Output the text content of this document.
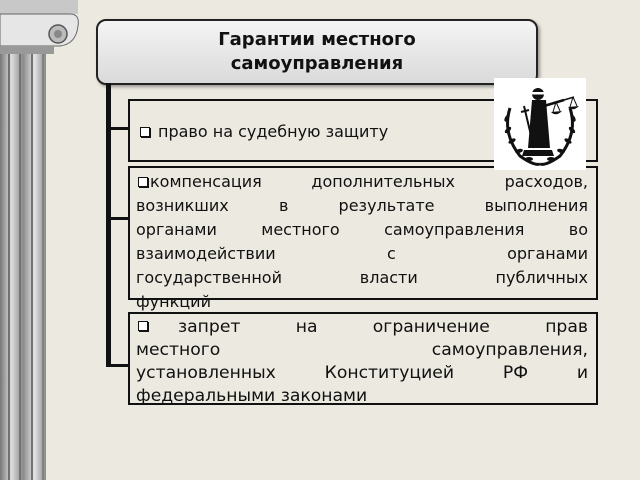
Гарантии местного
самоуправления
право на судебную защиту
компенсация дополнительных расходов,
возникших в результате выполнения
органами местного самоуправления во
взаимодействии с органами
государственной власти публичных
функций
запрет на ограничение прав
местного самоуправления,
установленных Конституцией РФ и
федеральными законами
